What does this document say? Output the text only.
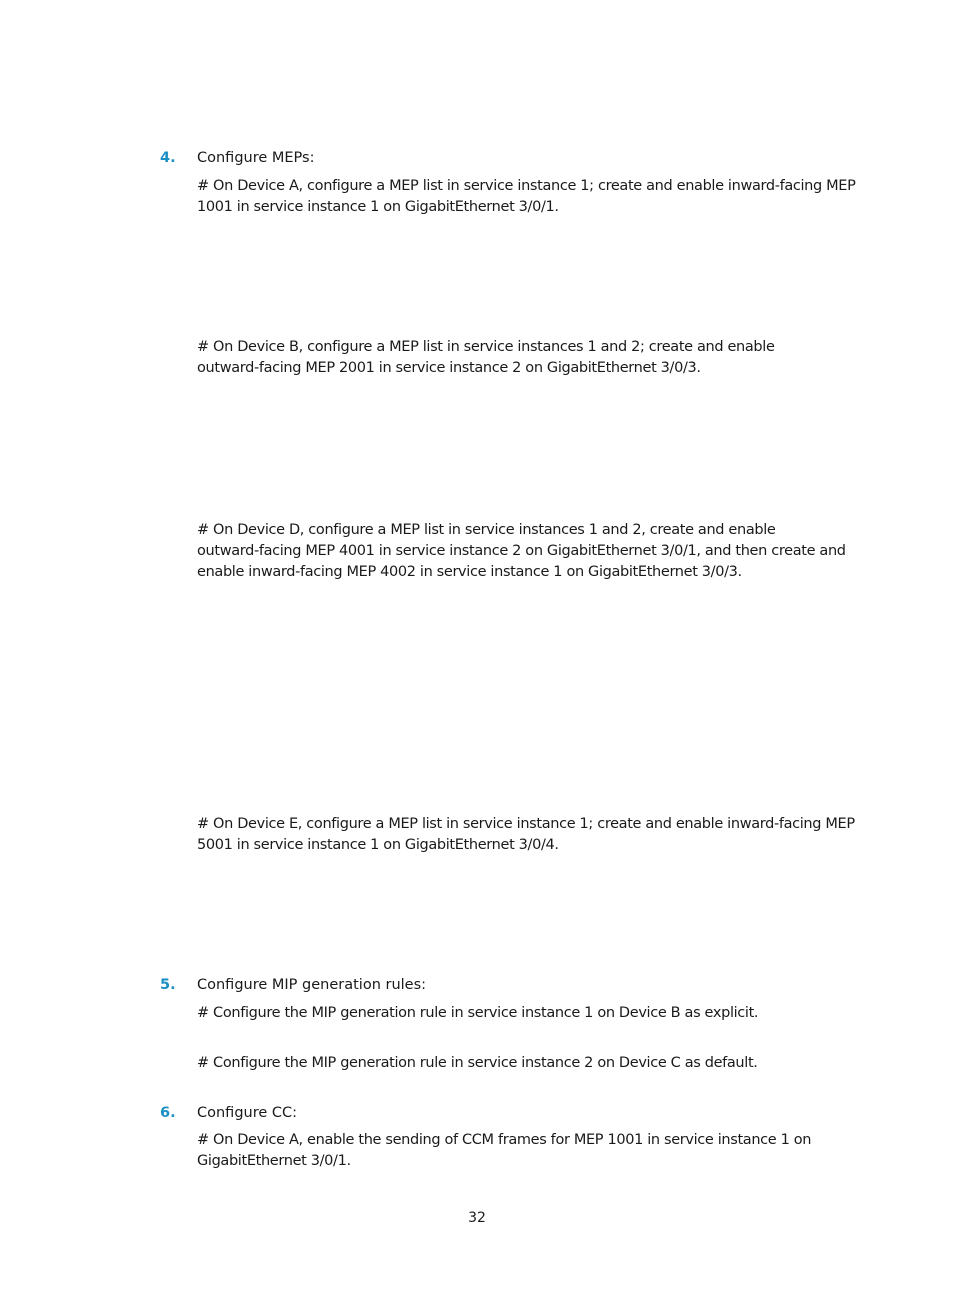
4. Configure MEPs:
# On Device A, configure a MEP list in service instance 1; create and enable inward-facing MEP
1001 in service instance 1 on GigabitEthernet 3/0/1.
# On Device B, configure a MEP list in service instances 1 and 2; create and enable
outward-facing MEP 2001 in service instance 2 on GigabitEthernet 3/0/3.
# On Device D, configure a MEP list in service instances 1 and 2, create and enable
outward-facing MEP 4001 in service instance 2 on GigabitEthernet 3/0/1, and then create and
enable inward-facing MEP 4002 in service instance 1 on GigabitEthernet 3/0/3.
# On Device E, configure a MEP list in service instance 1; create and enable inward-facing MEP
5001 in service instance 1 on GigabitEthernet 3/0/4.
5. Configure MIP generation rules:
# Configure the MIP generation rule in service instance 1 on Device B as explicit.
# Configure the MIP generation rule in service instance 2 on Device C as default.
6. Configure CC:
# On Device A, enable the sending of CCM frames for MEP 1001 in service instance 1 on
GigabitEthernet 3/0/1.
32
